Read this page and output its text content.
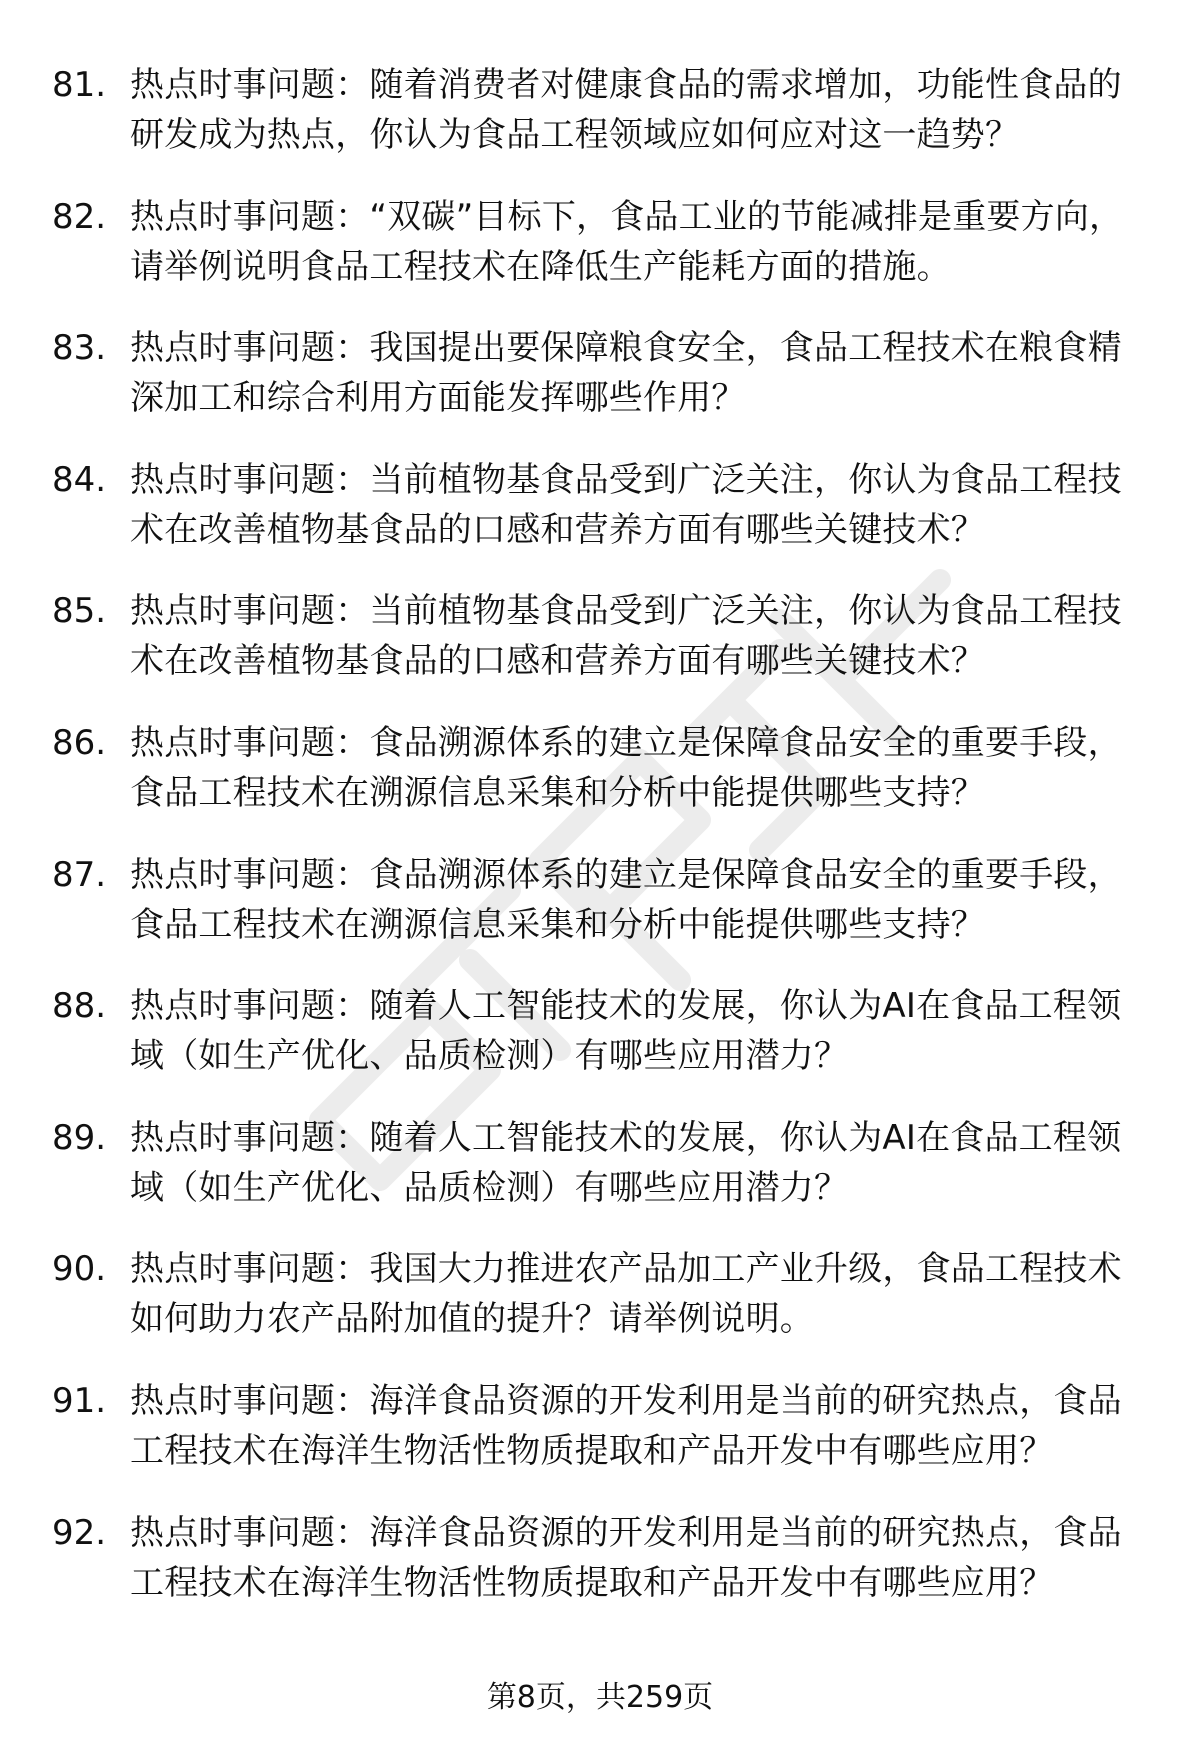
81. 热点时事问题：随着消费者对健康食品的需求增加，功能性食品的研发成为热点，你认为食品工程领域应如何应对这一趋势？
82. 热点时事问题：“双碳”目标下，食品工业的节能减排是重要方向，请举例说明食品工程技术在降低生产能耗方面的措施。
83. 热点时事问题：我国提出要保障粮食安全，食品工程技术在粮食精深加工和综合利用方面能发挥哪些作用？
84. 热点时事问题：当前植物基食品受到广泛关注，你认为食品工程技术在改善植物基食品的口感和营养方面有哪些关键技术？
85. 热点时事问题：当前植物基食品受到广泛关注，你认为食品工程技术在改善植物基食品的口感和营养方面有哪些关键技术？
86. 热点时事问题：食品溯源体系的建立是保障食品安全的重要手段，食品工程技术在溯源信息采集和分析中能提供哪些支持？
87. 热点时事问题：食品溯源体系的建立是保障食品安全的重要手段，食品工程技术在溯源信息采集和分析中能提供哪些支持？
88. 热点时事问题：随着人工智能技术的发展，你认为AI在食品工程领域（如生产优化、品质检测）有哪些应用潜力？
89. 热点时事问题：随着人工智能技术的发展，你认为AI在食品工程领域（如生产优化、品质检测）有哪些应用潜力？
90. 热点时事问题：我国大力推进农产品加工产业升级，食品工程技术如何助力农产品附加值的提升？请举例说明。
91. 热点时事问题：海洋食品资源的开发利用是当前的研究热点，食品工程技术在海洋生物活性物质提取和产品开发中有哪些应用？
92. 热点时事问题：海洋食品资源的开发利用是当前的研究热点，食品工程技术在海洋生物活性物质提取和产品开发中有哪些应用？
第8页，共259页
